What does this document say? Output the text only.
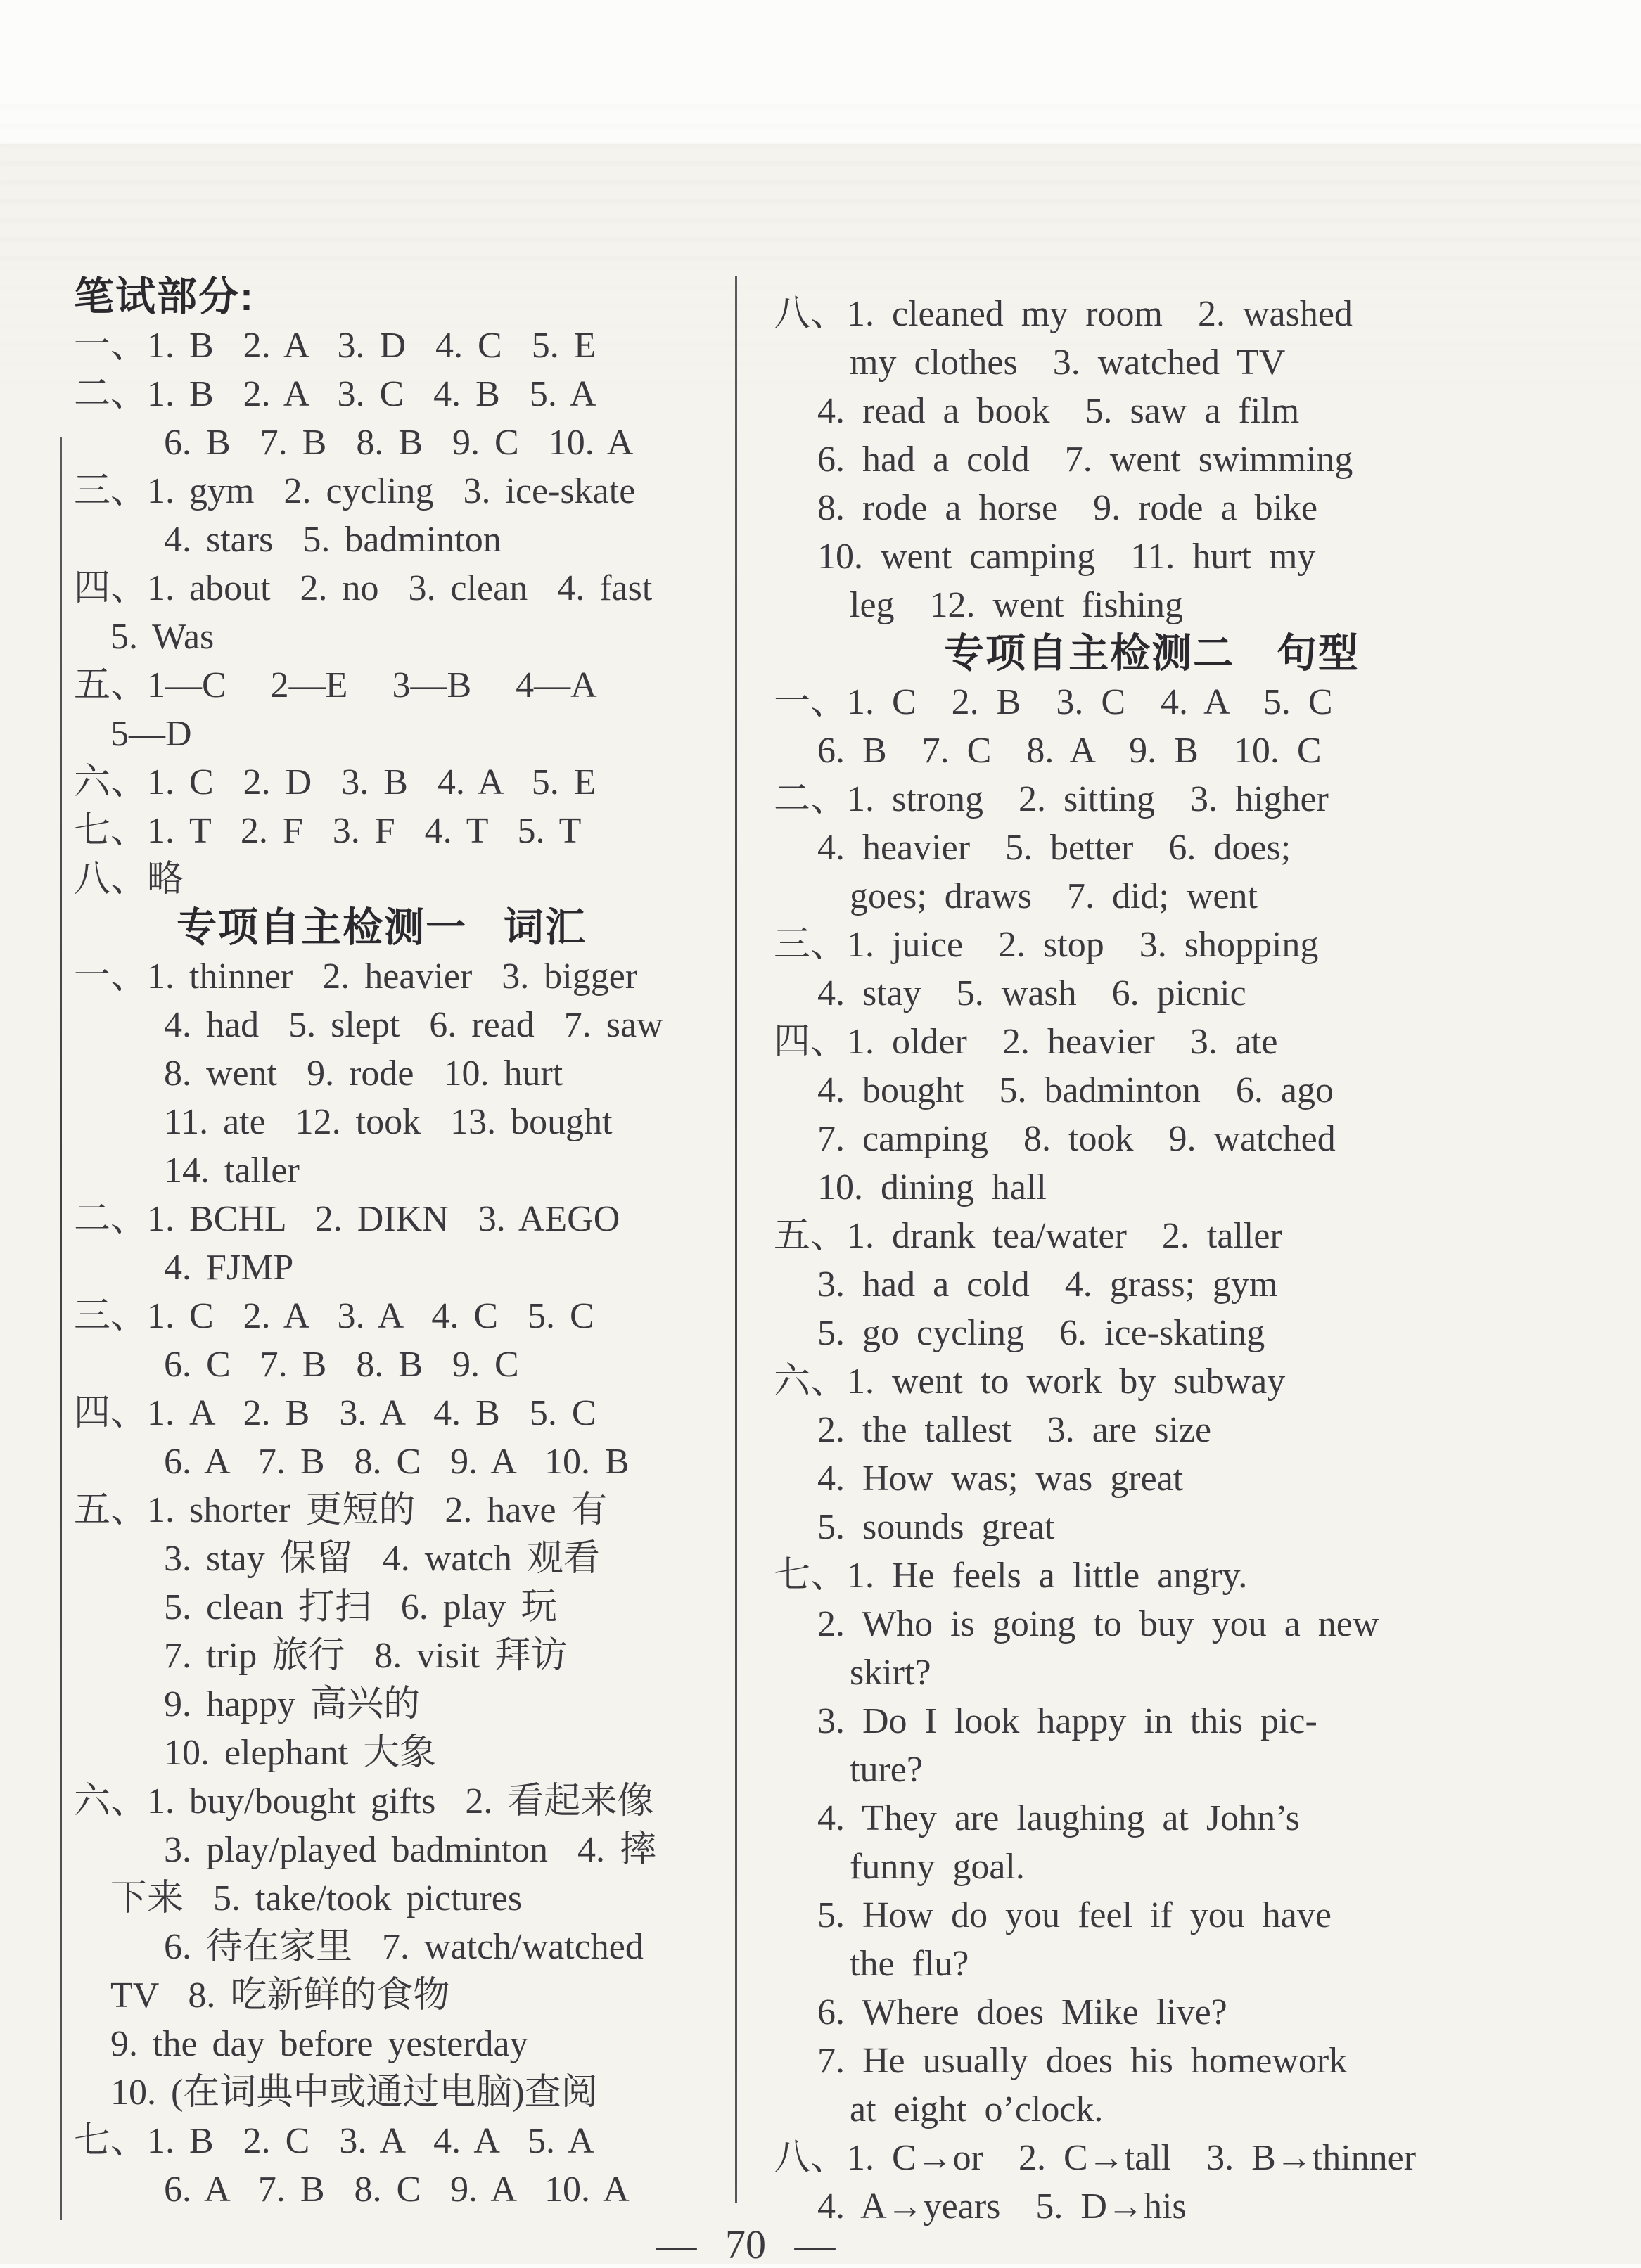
笔试部分:
一、1. B  2. A  3. D  4. C  5. E
二、1. B  2. A  3. C  4. B  5. A
6. B  7. B  8. B  9. C  10. A
三、1. gym  2. cycling  3. ice-skate
4. stars  5. badminton
四、1. about  2. no  3. clean  4. fast
5. Was
五、1—C   2—E   3—B   4—A
5—D
六、1. C  2. D  3. B  4. A  5. E
七、1. T  2. F  3. F  4. T  5. T
八、略
专项自主检测一  词汇
一、1. thinner  2. heavier  3. bigger
4. had  5. slept  6. read  7. saw
8. went  9. rode  10. hurt
11. ate  12. took  13. bought
14. taller
二、1. BCHL  2. DIKN  3. AEGO
4. FJMP
三、1. C  2. A  3. A  4. C  5. C
6. C  7. B  8. B  9. C
四、1. A  2. B  3. A  4. B  5. C
6. A  7. B  8. C  9. A  10. B
五、1. shorter 更短的  2. have 有
3. stay 保留  4. watch 观看
5. clean 打扫  6. play 玩
7. trip 旅行  8. visit 拜访
9. happy 高兴的
10. elephant 大象
六、1. buy/bought gifts  2. 看起来像
3. play/played badminton  4. 摔
下来  5. take/took pictures
6. 待在家里  7. watch/watched
TV  8. 吃新鲜的食物
9. the day before yesterday
10. (在词典中或通过电脑)查阅
七、1. B  2. C  3. A  4. A  5. A
6. A  7. B  8. C  9. A  10. A
八、1. cleaned my room  2. washed
my clothes  3. watched TV
4. read a book  5. saw a film
6. had a cold  7. went swimming
8. rode a horse  9. rode a bike
10. went camping  11. hurt my
leg  12. went fishing
专项自主检测二  句型
一、1. C  2. B  3. C  4. A  5. C
6. B  7. C  8. A  9. B  10. C
二、1. strong  2. sitting  3. higher
4. heavier  5. better  6. does;
goes; draws  7. did; went
三、1. juice  2. stop  3. shopping
4. stay  5. wash  6. picnic
四、1. older  2. heavier  3. ate
4. bought  5. badminton  6. ago
7. camping  8. took  9. watched
10. dining hall
五、1. drank tea/water  2. taller
3. had a cold  4. grass; gym
5. go cycling  6. ice-skating
六、1. went to work by subway
2. the tallest  3. are size
4. How was; was great
5. sounds great
七、1. He feels a little angry.
2. Who is going to buy you a new
skirt?
3. Do I look happy in this pic-
ture?
4. They are laughing at John’s
funny goal.
5. How do you feel if you have
the flu?
6. Where does Mike live?
7. He usually does his homework
at eight o’clock.
八、1. C→or  2. C→tall  3. B→thinner
4. A→years  5. D→his
— 70 —
